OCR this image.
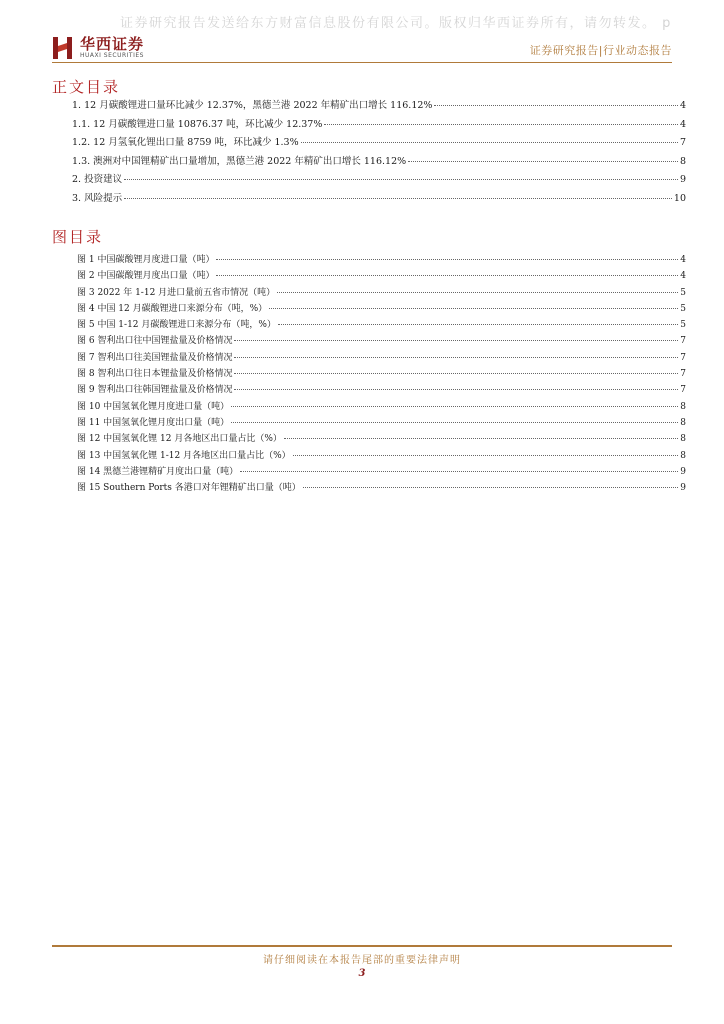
证券研究报告发送给东方财富信息股份有限公司。版权归华西证券所有，请勿转发。 p
华西证券
HUAXI SECURITIES	证券研究报告|行业动态报告
正文目录
1. 12 月碳酸锂进口量环比减少 12.37%，黑德兰港 2022 年精矿出口增长 116.12%	4
1.1. 12 月碳酸锂进口量 10876.37 吨，环比减少 12.37%	4
1.2. 12 月氢氧化锂出口量 8759 吨，环比减少 1.3%	7
1.3. 澳洲对中国锂精矿出口量增加，黑德兰港 2022 年精矿出口增长 116.12%	8
2. 投资建议	9
3. 风险提示	10
图目录
图 1 中国碳酸锂月度进口量（吨）	4
图 2 中国碳酸锂月度出口量（吨）	4
图 3 2022 年 1-12 月进口量前五省市情况（吨）	5
图 4 中国 12 月碳酸锂进口来源分布（吨，%）	5
图 5 中国 1-12 月碳酸锂进口来源分布（吨，%）	5
图 6 智利出口往中国锂盐量及价格情况	7
图 7 智利出口往美国锂盐量及价格情况	7
图 8 智利出口往日本锂盐量及价格情况	7
图 9 智利出口往韩国锂盐量及价格情况	7
图 10 中国氢氧化锂月度进口量（吨）	8
图 11 中国氢氧化锂月度出口量（吨）	8
图 12 中国氢氧化锂 12 月各地区出口量占比（%）	8
图 13 中国氢氧化锂 1-12 月各地区出口量占比（%）	8
图 14 黑德兰港锂精矿月度出口量（吨）	9
图 15 Southern Ports 各港口对年锂精矿出口量（吨）	9
请仔细阅读在本报告尾部的重要法律声明
3
